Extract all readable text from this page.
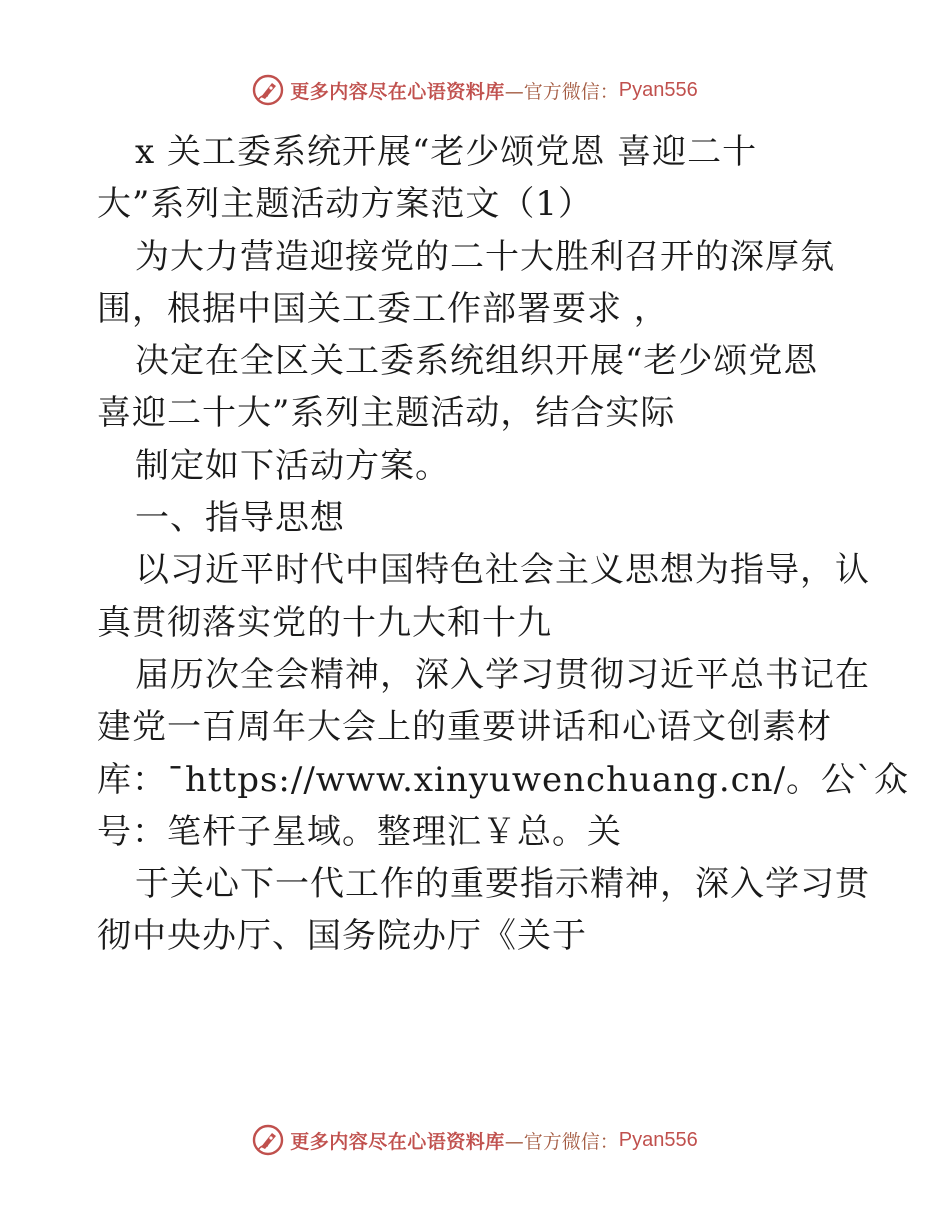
更多内容尽在心语资料库 —官方微信： Pyan556
x 关工委系统开展“老少颂党恩 喜迎二十
大”系列主题活动方案范文（1）
为大力营造迎接党的二十大胜利召开的深厚氛
围，根据中国关工委工作部署要求 ，
决定在全区关工委系统组织开展“老少颂党恩
喜迎二十大”系列主题活动，结合实际
制定如下活动方案。
一、指导思想
以习近平时代中国特色社会主义思想为指导，认
真贯彻落实党的十九大和十九
届历次全会精神，深入学习贯彻习近平总书记在
建党一百周年大会上的重要讲话和心语文创素材
库：¯https://www.xinyuwenchuang.cn/。公`众
号：笔杆子星域。整理汇￥总。关
于关心下一代工作的重要指示精神，深入学习贯
彻中央办厅、国务院办厅《关于
更多内容尽在心语资料库 —官方微信： Pyan556
